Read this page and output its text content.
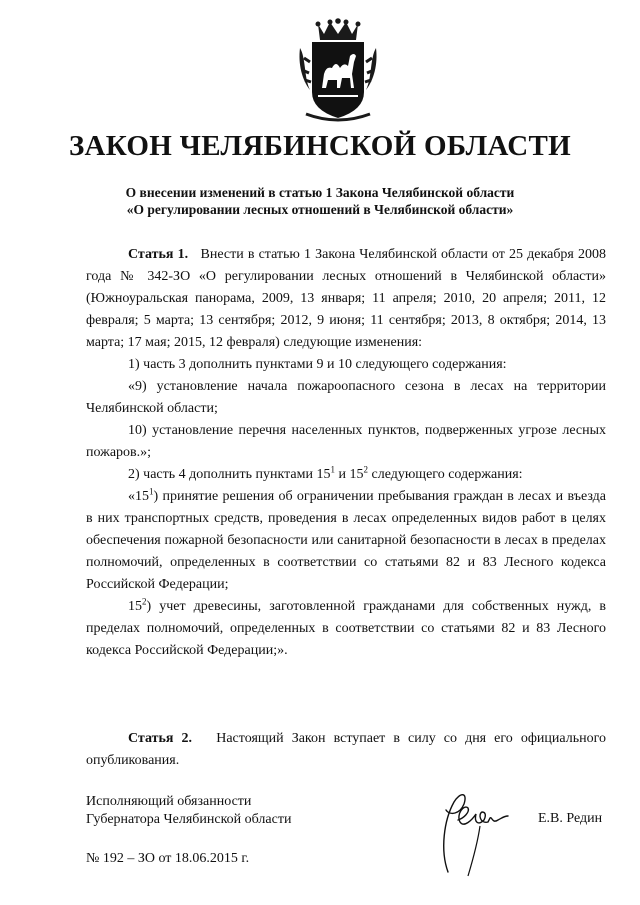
ЗАКОН ЧЕЛЯБИНСКОЙ ОБЛАСТИ
О внесении изменений в статью 1 Закона Челябинской области
«О регулировании лесных отношений в Челябинской области»

Статья 1. Внести в статью 1 Закона Челябинской области от 25 декабря 2008 года № 342-ЗО «О регулировании лесных отношений в Челябинской области» (Южноуральская панорама, 2009, 13 января; 11 апреля; 2010, 20 апреля; 2011, 12 февраля; 5 марта; 13 сентября; 2012, 9 июня; 11 сентября; 2013, 8 октября; 2014, 13 марта; 17 мая; 2015, 12 февраля) следующие изменения:

1) часть 3 дополнить пунктами 9 и 10 следующего содержания:

«9) установление начала пожароопасного сезона в лесах на территории Челябинской области;

10) установление перечня населенных пунктов, подверженных угрозе лесных пожаров.»;

2) часть 4 дополнить пунктами $15^1$ и $15^2$ следующего содержания:

«$15^1$) принятие решения об ограничении пребывания граждан в лесах и въезда в них транспортных средств, проведения в лесах определенных видов работ в целях обеспечения пожарной безопасности или санитарной безопасности в лесах в пределах полномочий, определенных в соответствии со статьями 82 и 83 Лесного кодекса Российской Федерации;

$15^2$) учет древесины, заготовленной гражданами для собственных нужд, в пределах полномочий, определенных в соответствии со статьями 82 и 83 Лесного кодекса Российской Федерации;».

Статья 2. Настоящий Закон вступает в силу со дня его официального опубликования.

Исполняющий обязанности
Губернатора Челябинской области	Е.В. Редин
№ 192 – ЗО от 18.06.2015 г.
